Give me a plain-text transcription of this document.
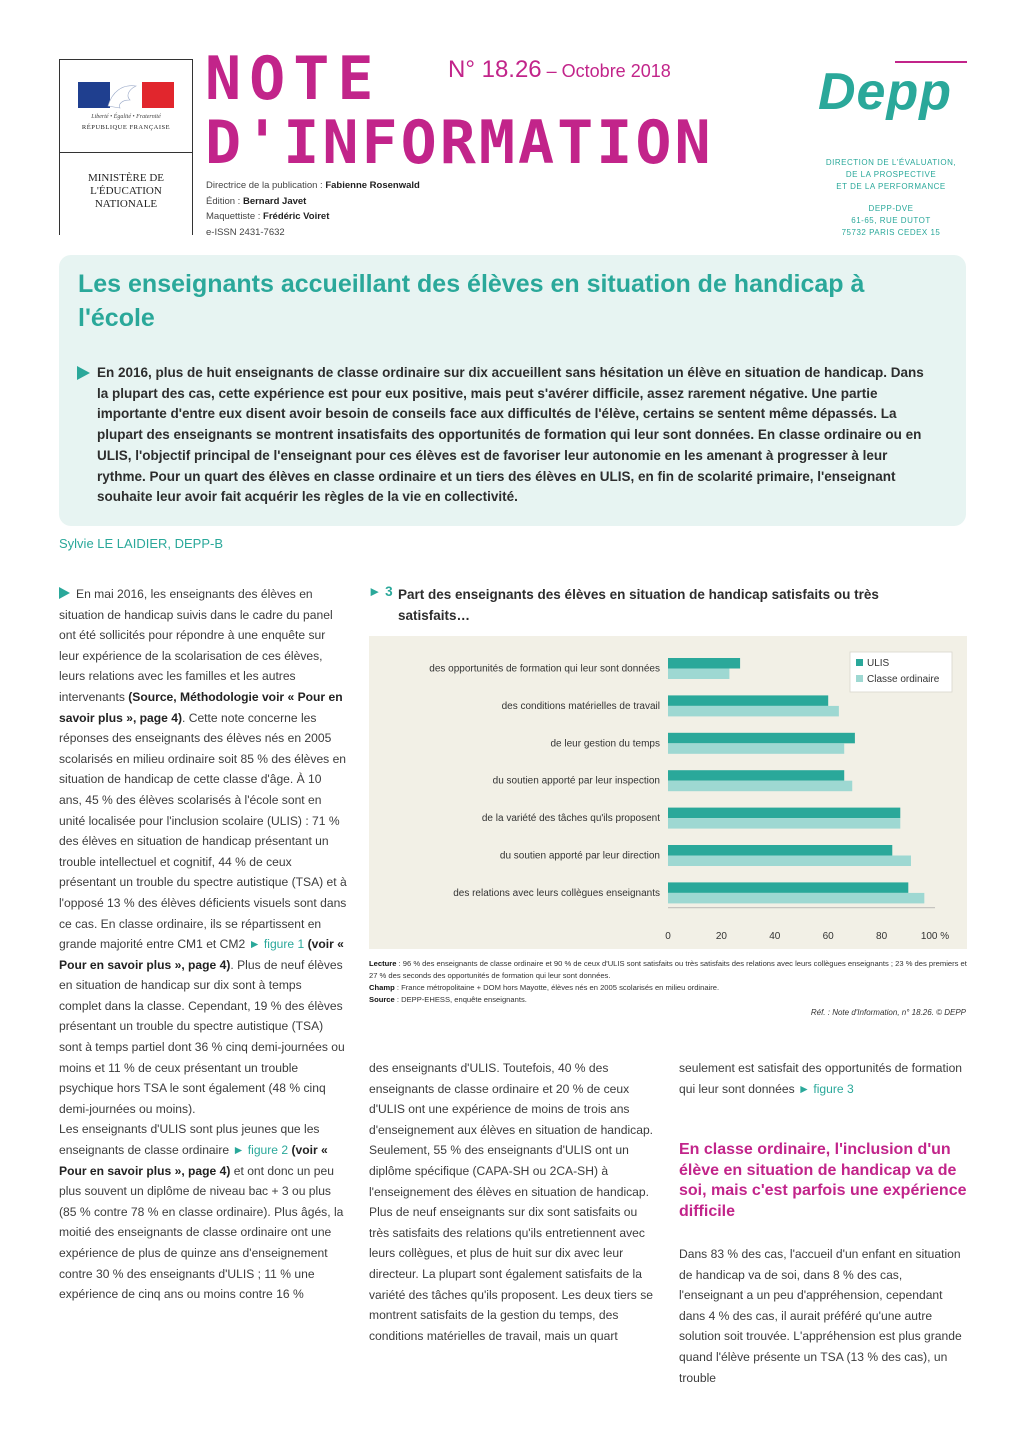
Liberté • Égalité • Fraternité
RÉPUBLIQUE FRANÇAISE
MINISTÈRE DE L'ÉDUCATION NATIONALE
NOTE
D'INFORMATION
N° 18.26 – Octobre 2018
Directrice de la publication : Fabienne Rosenwald
Édition : Bernard Javet
Maquettiste : Frédéric Voiret
e-ISSN 2431-7632
Depp
DIRECTION DE L'ÉVALUATION,
DE LA PROSPECTIVE
ET DE LA PERFORMANCE
DEPP-DVE
61-65, RUE DUTOT
75732 PARIS CEDEX 15
Les enseignants accueillant des élèves en situation de handicap à l'école
En 2016, plus de huit enseignants de classe ordinaire sur dix accueillent sans hésitation un élève en situation de handicap. Dans la plupart des cas, cette expérience est pour eux positive, mais peut s'avérer difficile, assez rarement négative. Une partie importante d'entre eux disent avoir besoin de conseils face aux difficultés de l'élève, certains se sentent même dépassés. La plupart des enseignants se montrent insatisfaits des opportunités de formation qui leur sont données. En classe ordinaire ou en ULIS, l'objectif principal de l'enseignant pour ces élèves est de favoriser leur autonomie en les amenant à progresser à leur rythme. Pour un quart des élèves en classe ordinaire et un tiers des élèves en ULIS, en fin de scolarité primaire, l'enseignant souhaite leur avoir fait acquérir les règles de la vie en collectivité.
Sylvie LE LAIDIER, DEPP-B
En mai 2016, les enseignants des élèves en situation de handicap suivis dans le cadre du panel ont été sollicités pour répondre à une enquête sur leur expérience de la scolarisation de ces élèves, leurs relations avec les familles et les autres intervenants (Source, Méthodologie voir « Pour en savoir plus », page 4). Cette note concerne les réponses des enseignants des élèves nés en 2005 scolarisés en milieu ordinaire soit 85 % des élèves en situation de handicap de cette classe d'âge. À 10 ans, 45 % des élèves scolarisés à l'école sont en unité localisée pour l'inclusion scolaire (ULIS) : 71 % des élèves en situation de handicap présentant un trouble intellectuel et cognitif, 44 % de ceux présentant un trouble du spectre autistique (TSA) et à l'opposé 13 % des élèves déficients visuels sont dans ce cas. En classe ordinaire, ils se répartissent en grande majorité entre CM1 et CM2 ► figure 1 (voir « Pour en savoir plus », page 4). Plus de neuf élèves en situation de handicap sur dix sont à temps complet dans la classe. Cependant, 19 % des élèves présentant un trouble du spectre autistique (TSA) sont à temps partiel dont 36 % cinq demi-journées ou moins et 11 % de ceux présentant un trouble psychique hors TSA le sont également (48 % cinq demi-journées ou moins).
Les enseignants d'ULIS sont plus jeunes que les enseignants de classe ordinaire ► figure 2 (voir « Pour en savoir plus », page 4) et ont donc un peu plus souvent un diplôme de niveau bac + 3 ou plus (85 % contre 78 % en classe ordinaire). Plus âgés, la moitié des enseignants de classe ordinaire ont une expérience de plus de quinze ans d'enseignement contre 30 % des enseignants d'ULIS ; 11 % une expérience de cinq ans ou moins contre 16 %
► 3 Part des enseignants des élèves en situation de handicap satisfaits ou très satisfaits…
des opportunités de formation qui leur sont données
des conditions matérielles de travail
de leur gestion du temps
du soutien apporté par leur inspection
de la variété des tâches qu'ils proposent
du soutien apporté par leur direction
des relations avec leurs collègues enseignants
0	20	40	60	80	100 %
ULIS
Classe ordinaire
Lecture : 96 % des enseignants de classe ordinaire et 90 % de ceux d'ULIS sont satisfaits ou très satisfaits des relations avec leurs collègues enseignants ; 23 % des premiers et 27 % des seconds des opportunités de formation qui leur sont données.
Champ : France métropolitaine + DOM hors Mayotte, élèves nés en 2005 scolarisés en milieu ordinaire.
Source : DEPP-EHESS, enquête enseignants.
Réf. : Note d'Information, n° 18.26. © DEPP
des enseignants d'ULIS. Toutefois, 40 % des enseignants de classe ordinaire et 20 % de ceux d'ULIS ont une expérience de moins de trois ans d'enseignement aux élèves en situation de handicap. Seulement, 55 % des enseignants d'ULIS ont un diplôme spécifique (CAPA-SH ou 2CA-SH) à l'enseignement des élèves en situation de handicap.
Plus de neuf enseignants sur dix sont satisfaits ou très satisfaits des relations qu'ils entretiennent avec leurs collègues, et plus de huit sur dix avec leur directeur. La plupart sont également satisfaits de la variété des tâches qu'ils proposent. Les deux tiers se montrent satisfaits de la gestion du temps, des conditions matérielles de travail, mais un quart
seulement est satisfait des opportunités de formation qui leur sont données ► figure 3
En classe ordinaire, l'inclusion d'un élève en situation de handicap va de soi, mais c'est parfois une expérience difficile
Dans 83 % des cas, l'accueil d'un enfant en situation de handicap va de soi, dans 8 % des cas, l'enseignant a un peu d'appréhension, cependant dans 4 % des cas, il aurait préféré qu'une autre solution soit trouvée. L'appréhension est plus grande quand l'élève présente un TSA (13 % des cas), un trouble
